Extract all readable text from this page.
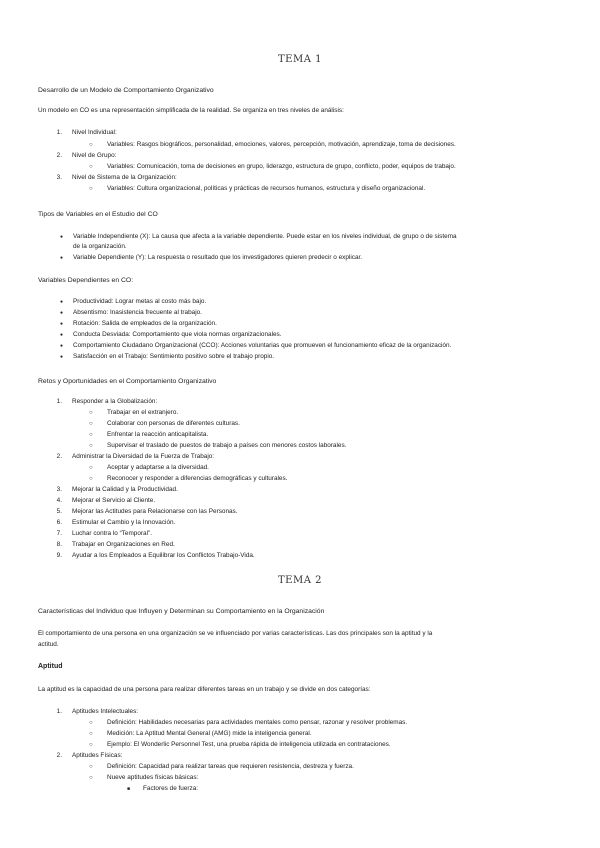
TEMA 1
Desarrollo de un Modelo de Comportamiento Organizativo
Un modelo en CO es una representación simplificada de la realidad. Se organiza en tres niveles de análisis:
1. Nivel Individual:
○
Variables: Rasgos biográficos, personalidad, emociones, valores, percepción, motivación, aprendizaje, toma de decisiones.
2. Nivel de Grupo:
○
Variables: Comunicación, toma de decisiones en grupo, liderazgo, estructura de grupo, conflicto, poder, equipos de trabajo.
3. Nivel de Sistema de la Organización:
○
Variables: Cultura organizacional, políticas y prácticas de recursos humanos, estructura y diseño organizacional.
Tipos de Variables en el Estudio del CO
●
Variable Independiente (X): La causa que afecta a la variable dependiente. Puede estar en los niveles individual, de grupo o de sistema
de la organización.
●
Variable Dependiente (Y): La respuesta o resultado que los investigadores quieren predecir o explicar.
Variables Dependientes en CO:
●
Productividad: Lograr metas al costo más bajo.
●
Absentismo: Inasistencia frecuente al trabajo.
●
Rotación: Salida de empleados de la organización.
●
Conducta Desviada: Comportamiento que viola normas organizacionales.
●
Comportamiento Ciudadano Organizacional (CCO): Acciones voluntarias que promueven el funcionamiento eficaz de la organización.
●
Satisfacción en el Trabajo: Sentimiento positivo sobre el trabajo propio.
Retos y Oportunidades en el Comportamiento Organizativo
1. Responder a la Globalización:
○
Trabajar en el extranjero.
○
Colaborar con personas de diferentes culturas.
○
Enfrentar la reacción anticapitalista.
○
Supervisar el traslado de puestos de trabajo a países con menores costos laborales.
2. Administrar la Diversidad de la Fuerza de Trabajo:
○
Aceptar y adaptarse a la diversidad.
○
Reconocer y responder a diferencias demográficas y culturales.
3. Mejorar la Calidad y la Productividad.
4. Mejorar el Servicio al Cliente.
5. Mejorar las Actitudes para Relacionarse con las Personas.
6. Estimular el Cambio y la Innovación.
7. Luchar contra lo “Temporal”.
8. Trabajar en Organizaciones en Red.
9. Ayudar a los Empleados a Equilibrar los Conflictos Trabajo-Vida.
TEMA 2
Características del Individuo que Influyen y Determinan su Comportamiento en la Organización
El comportamiento de una persona en una organización se ve influenciado por varias características. Las dos principales son la aptitud y la
actitud.
Aptitud
La aptitud es la capacidad de una persona para realizar diferentes tareas en un trabajo y se divide en dos categorías:
1. Aptitudes Intelectuales:
○
Definición: Habilidades necesarias para actividades mentales como pensar, razonar y resolver problemas.
○
Medición: La Aptitud Mental General (AMG) mide la inteligencia general.
○
Ejemplo: El Wonderlic Personnel Test, una prueba rápida de inteligencia utilizada en contrataciones.
2. Aptitudes Físicas:
○
Definición: Capacidad para realizar tareas que requieren resistencia, destreza y fuerza.
○
Nueve aptitudes físicas básicas:
■
Factores de fuerza:
